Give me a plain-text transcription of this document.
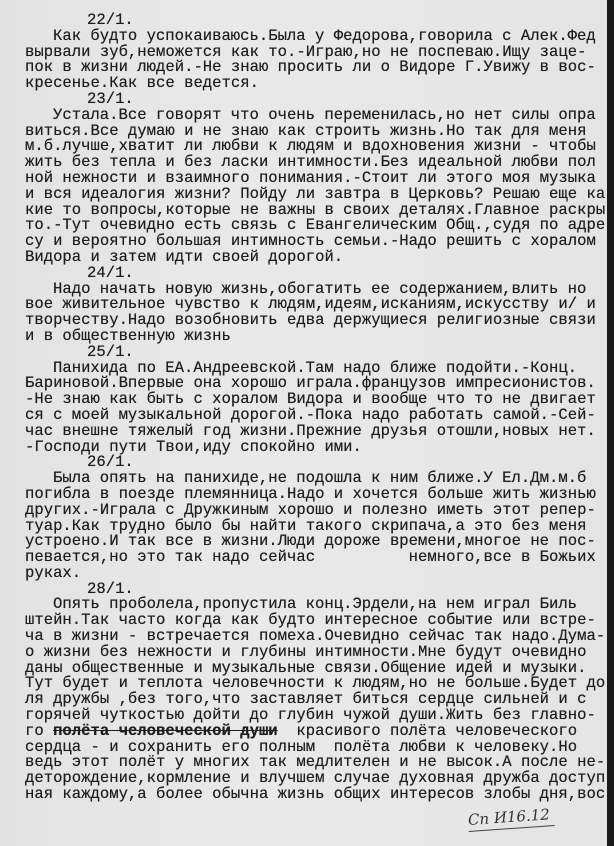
22/1.
Как будто успокаиваюсь.Была у Федорова,говорила с Алек.Фед
вырвали зуб,неможется как то.-Играю,но не поспеваю.Ищу заце-
пок в жизни людей.-Не знаю просить ли о Видоре Г.Увижу в вос-
кресенье.Как все ведется.
23/1.
Устала.Все говорят что очень переменилась,но нет силы опра
виться.Все думаю и не знаю как строить жизнь.Но так для меня
м.б.лучше,хватит ли любви к людям и вдохновения жизни - чтобы
жить без тепла и без ласки интимности.Без идеальной любви пол
ной нежности и взаимного понимания.-Стоит ли этого моя музыка
и вся идеалогия жизни? Пойду ли завтра в Церковь? Решаю еще ка
кие то вопросы,которые не важны в своих деталях.Главное раскры
то.-Тут очевидно есть связь с Евангелическим Общ.,судя по адре
су и вероятно большая интимность семьи.-Надо решить с хоралом
Видора и затем идти своей дорогой.
24/1.
Надо начать новую жизнь,обогатить ее содержанием,влить но
вое живительное чувство к людям,идеям,исканиям,искусству и/ и
творчеству.Надо возобновить едва держущиеся религиозные связи
и в общественную жизнь
25/1.
Панихида по ЕА.Андреевской.Там надо ближе подойти.-Конц.
Бариновой.Впервые она хорошо играла.французов импресионистов.
-Не знаю как быть с хоралом Видора и вообще что то не двигает
ся с моей музыкальной дорогой.-Пока надо работать самой.-Сей-
час внешне тяжелый год жизни.Прежние друзья отошли,новых нет.
-Господи пути Твои,иду спокойно ими.
26/1.
Была опять на панихиде,не подошла к ним ближе.У Ел.Дм.м.б
погибла в поезде племянница.Надо и хочется больше жить жизнью
других.-Играла с Дружкиным хорошо и полезно иметь этот репер-
туар.Как трудно было бы найти такого скрипача,а это без меня
устроено.И так все в жизни.Люди дороже времени,многое не пос-
певается,но это так надо сейчас          немного,все в Божьих
руках.
28/1.
Опять проболела,пропустила конц.Эрдели,на нем играл Биль
штейн.Так часто когда как будто интересное событие или встре-
ча в жизни - встречается помеха.Очевидно сейчас так надо.Дума-
о жизни без нежности и глубины интимности.Мне будут очевидно
даны общественные и музыкальные связи.Общение идей и музыки.
Тут будет и теплота человечности к людям,но не больше.Будет до
ля дружбы ,без того,что заставляет биться сердце сильней и с
горячей чуткостью дойти до глубин чужой души.Жить без главно-
го полёта человеческой души  красивого полёта человеческого
сердца - и сохранить его полным  полёта любви к человеку.Но
ведь этот полёт у многих так медлителен и не высок.А после не-
деторождение,кормление и влучшем случае духовная дружба доступ
ная каждому,а более обычна жизнь общих интересов злобы дня,вос
Сп И16.12
